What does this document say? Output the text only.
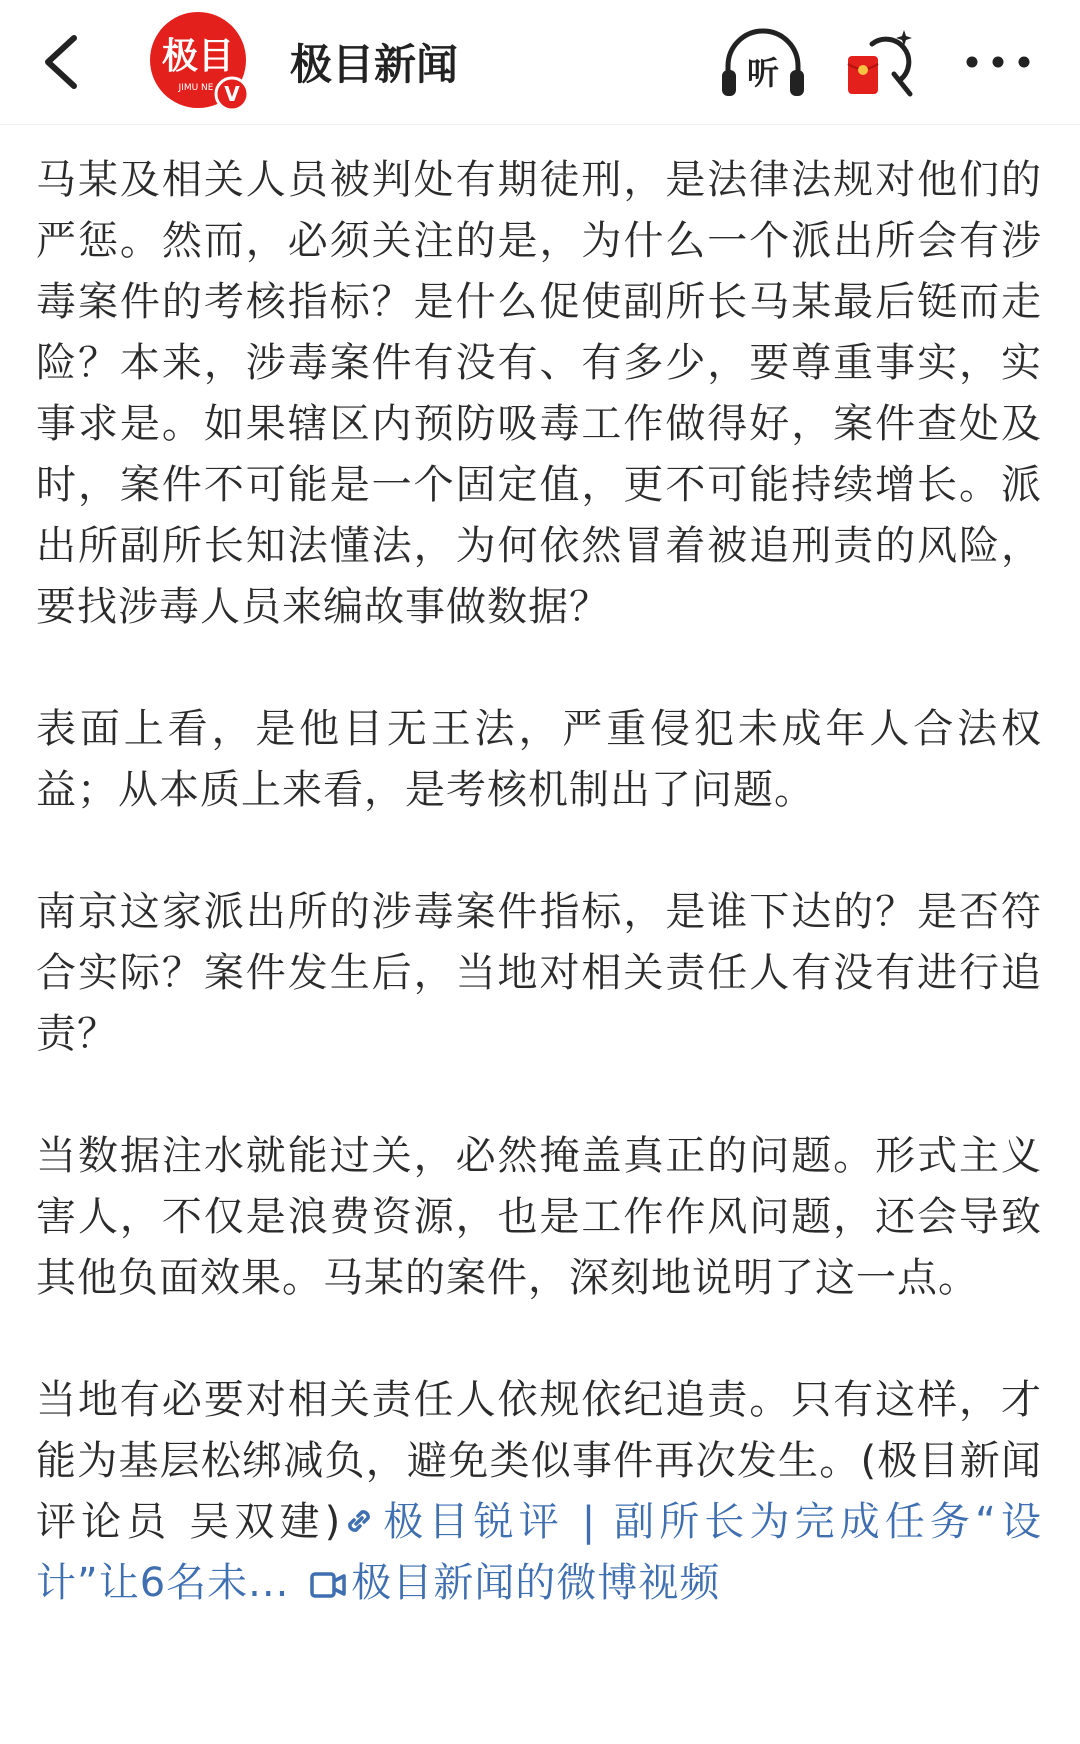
极目
JIMU NE V
极目新闻	听

马某及相关人员被判处有期徒刑，是法律法规对他们的严惩。然而，必须关注的是，为什么一个派出所会有涉毒案件的考核指标？是什么促使副所长马某最后铤而走险？本来，涉毒案件有没有、有多少，要尊重事实，实事求是。如果辖区内预防吸毒工作做得好，案件查处及时，案件不可能是一个固定值，更不可能持续增长。派出所副所长知法懂法，为何依然冒着被追刑责的风险，要找涉毒人员来编故事做数据？

表面上看，是他目无王法，严重侵犯未成年人合法权益；从本质上来看，是考核机制出了问题。

南京这家派出所的涉毒案件指标，是谁下达的？是否符合实际？案件发生后，当地对相关责任人有没有进行追责？

当数据注水就能过关，必然掩盖真正的问题。形式主义害人，不仅是浪费资源，也是工作作风问题，还会导致其他负面效果。马某的案件，深刻地说明了这一点。

当地有必要对相关责任人依规依纪追责。只有这样，才能为基层松绑减负，避免类似事件再次发生。(极目新闻评论员 吴双建) 极目锐评 | 副所长为完成任务“设计”让6名未... 极目新闻的微博视频
